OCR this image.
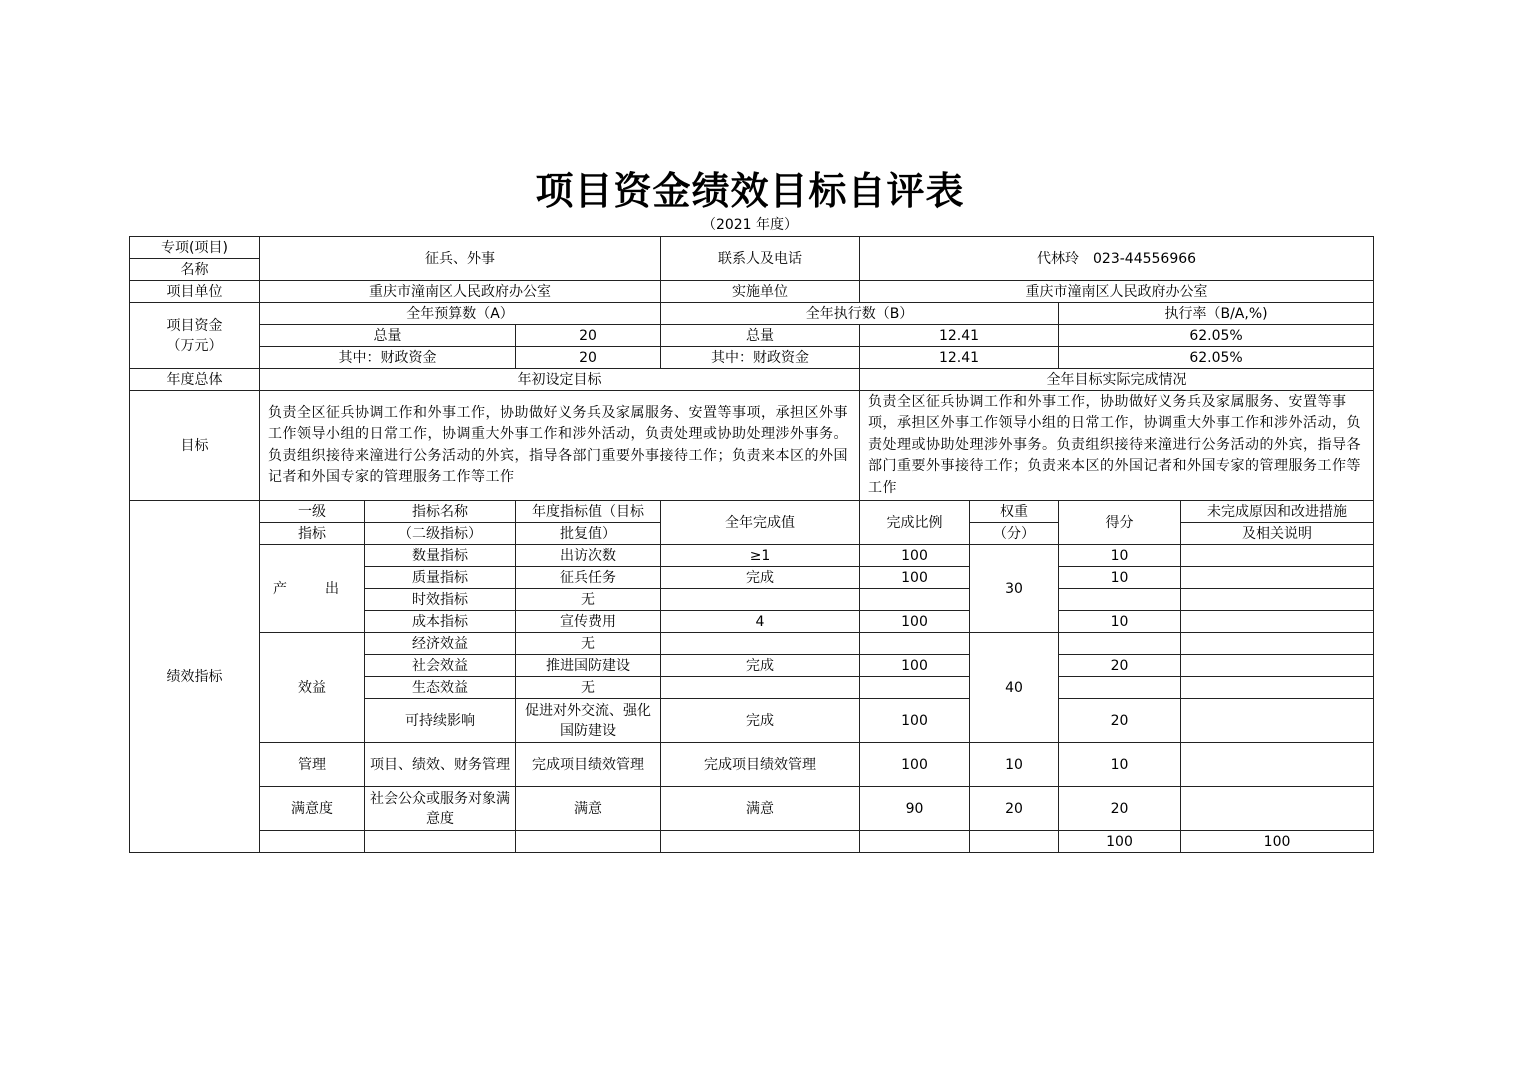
项目资金绩效目标自评表
（2021 年度）
专项(项目)	征兵、外事			联系人及电话	代林玲　023-44556966				
名称									
项目单位	重庆市潼南区人民政府办公室			实施单位	重庆市潼南区人民政府办公室				
项目资金
（万元）	全年预算数（A）			全年执行数（B）			执行率（B/A,%)		
	总量		20	总量	12.41		62.05%		
	其中：财政资金		20	其中：财政资金	12.41		62.05%		
年度总体	年初设定目标				全年目标实际完成情况				
目标	负责全区征兵协调工作和外事工作，协助做好义务兵及家属服务、安置等事项，承担区外事工作领导小组的日常工作，协调重大外事工作和涉外活动，负责处理或协助处理涉外事务。负责组织接待来潼进行公务活动的外宾，指导各部门重要外事接待工作；负责来本区的外国记者和外国专家的管理服务工作等工作				负责全区征兵协调工作和外事工作，协助做好义务兵及家属服务、安置等事项，承担区外事工作领导小组的日常工作，协调重大外事工作和涉外活动，负责处理或协助处理涉外事务。负责组织接待来潼进行公务活动的外宾，指导各部门重要外事接待工作；负责来本区的外国记者和外国专家的管理服务工作等工作				
绩效指标	一级	指标名称	年度指标值（目标	全年完成值	完成比例	权重	得分	未完成原因和改进措施	
	指标	（二级指标）	批复值）			（分）		及相关说明	
	产　出	数量指标	出访次数	≥1	100	30	10		
		质量指标	征兵任务	完成	100		10		
		时效指标	无						
		成本指标	宣传费用	4	100		10		
	效益	经济效益	无			40			
		社会效益	推进国防建设	完成	100		20		
		生态效益	无						
		可持续影响	促进对外交流、强化国防建设	完成	100		20		
	管理	项目、绩效、财务管理	完成项目绩效管理	完成项目绩效管理	100	10	10		
	满意度	社会公众或服务对象满意度	满意	满意	90	20	20		
							100	100	
